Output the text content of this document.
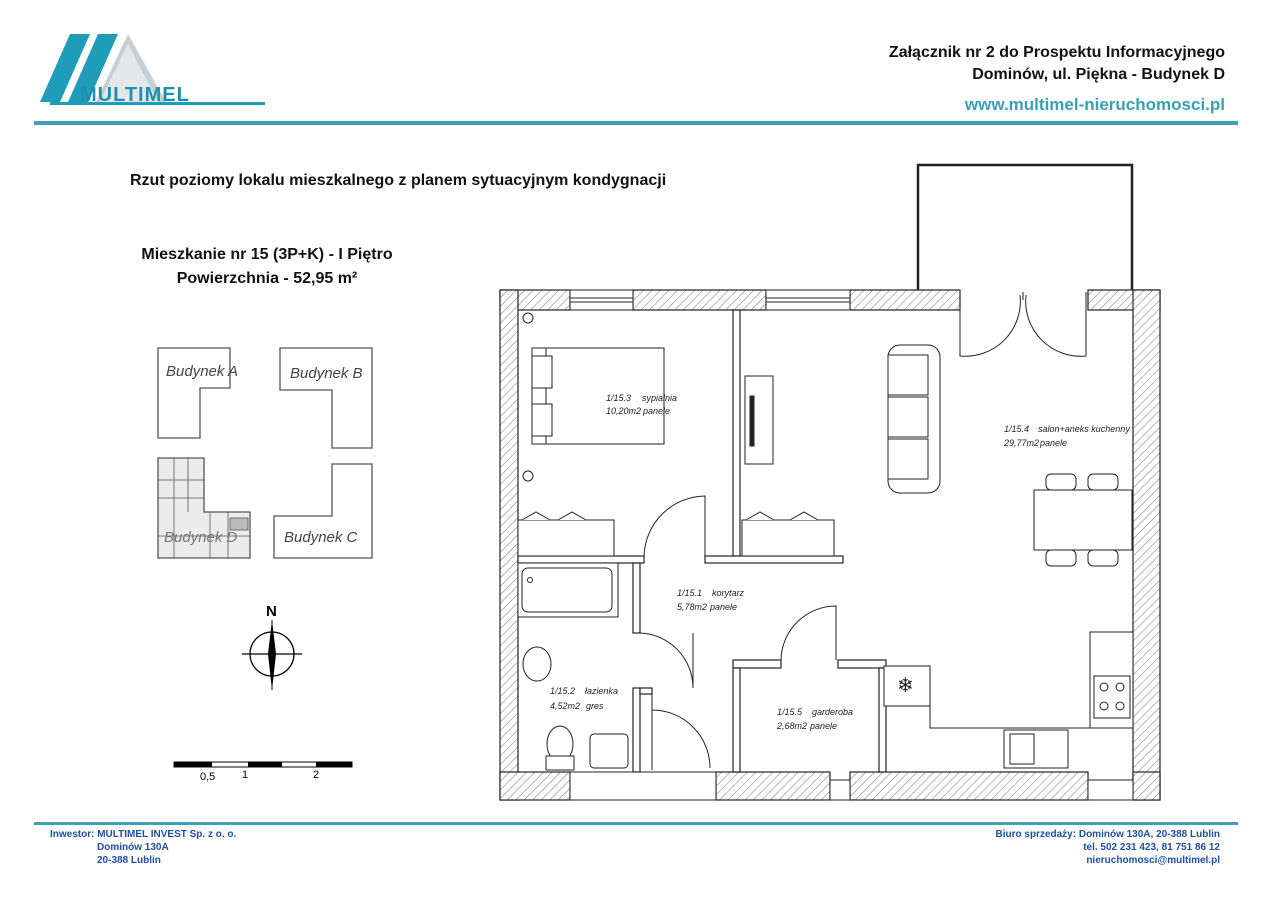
MULTIMEL
Załącznik nr 2 do Prospektu Informacyjnego
Dominów, ul. Piękna - Budynek D
www.multimel-nieruchomosci.pl
Rzut poziomy lokalu mieszkalnego z planem sytuacyjnym kondygnacji
Mieszkanie nr 15 (3P+K) - I Piętro
Powierzchnia - 52,95 m²
Budynek A	Budynek B
Budynek C
Budynek D
N
0,5 1	2
❄
1/15.3 sypialnia
10,20m2 panele
1/15.4 salon+aneks kuchenny
29,77m2 panele
1/15.1 korytarz
5,78m2 panele
1/15.2 łazienka
4,52m2 gres
1/15.5 garderoba
2,68m2 panele
Inwestor: MULTIMEL INVEST Sp. z o. o.
Dominów 130A
20-388 Lublin
Biuro sprzedaży: Dominów 130A, 20-388 Lublin
tel. 502 231 423, 81 751 86 12
nieruchomosci@multimel.pl
